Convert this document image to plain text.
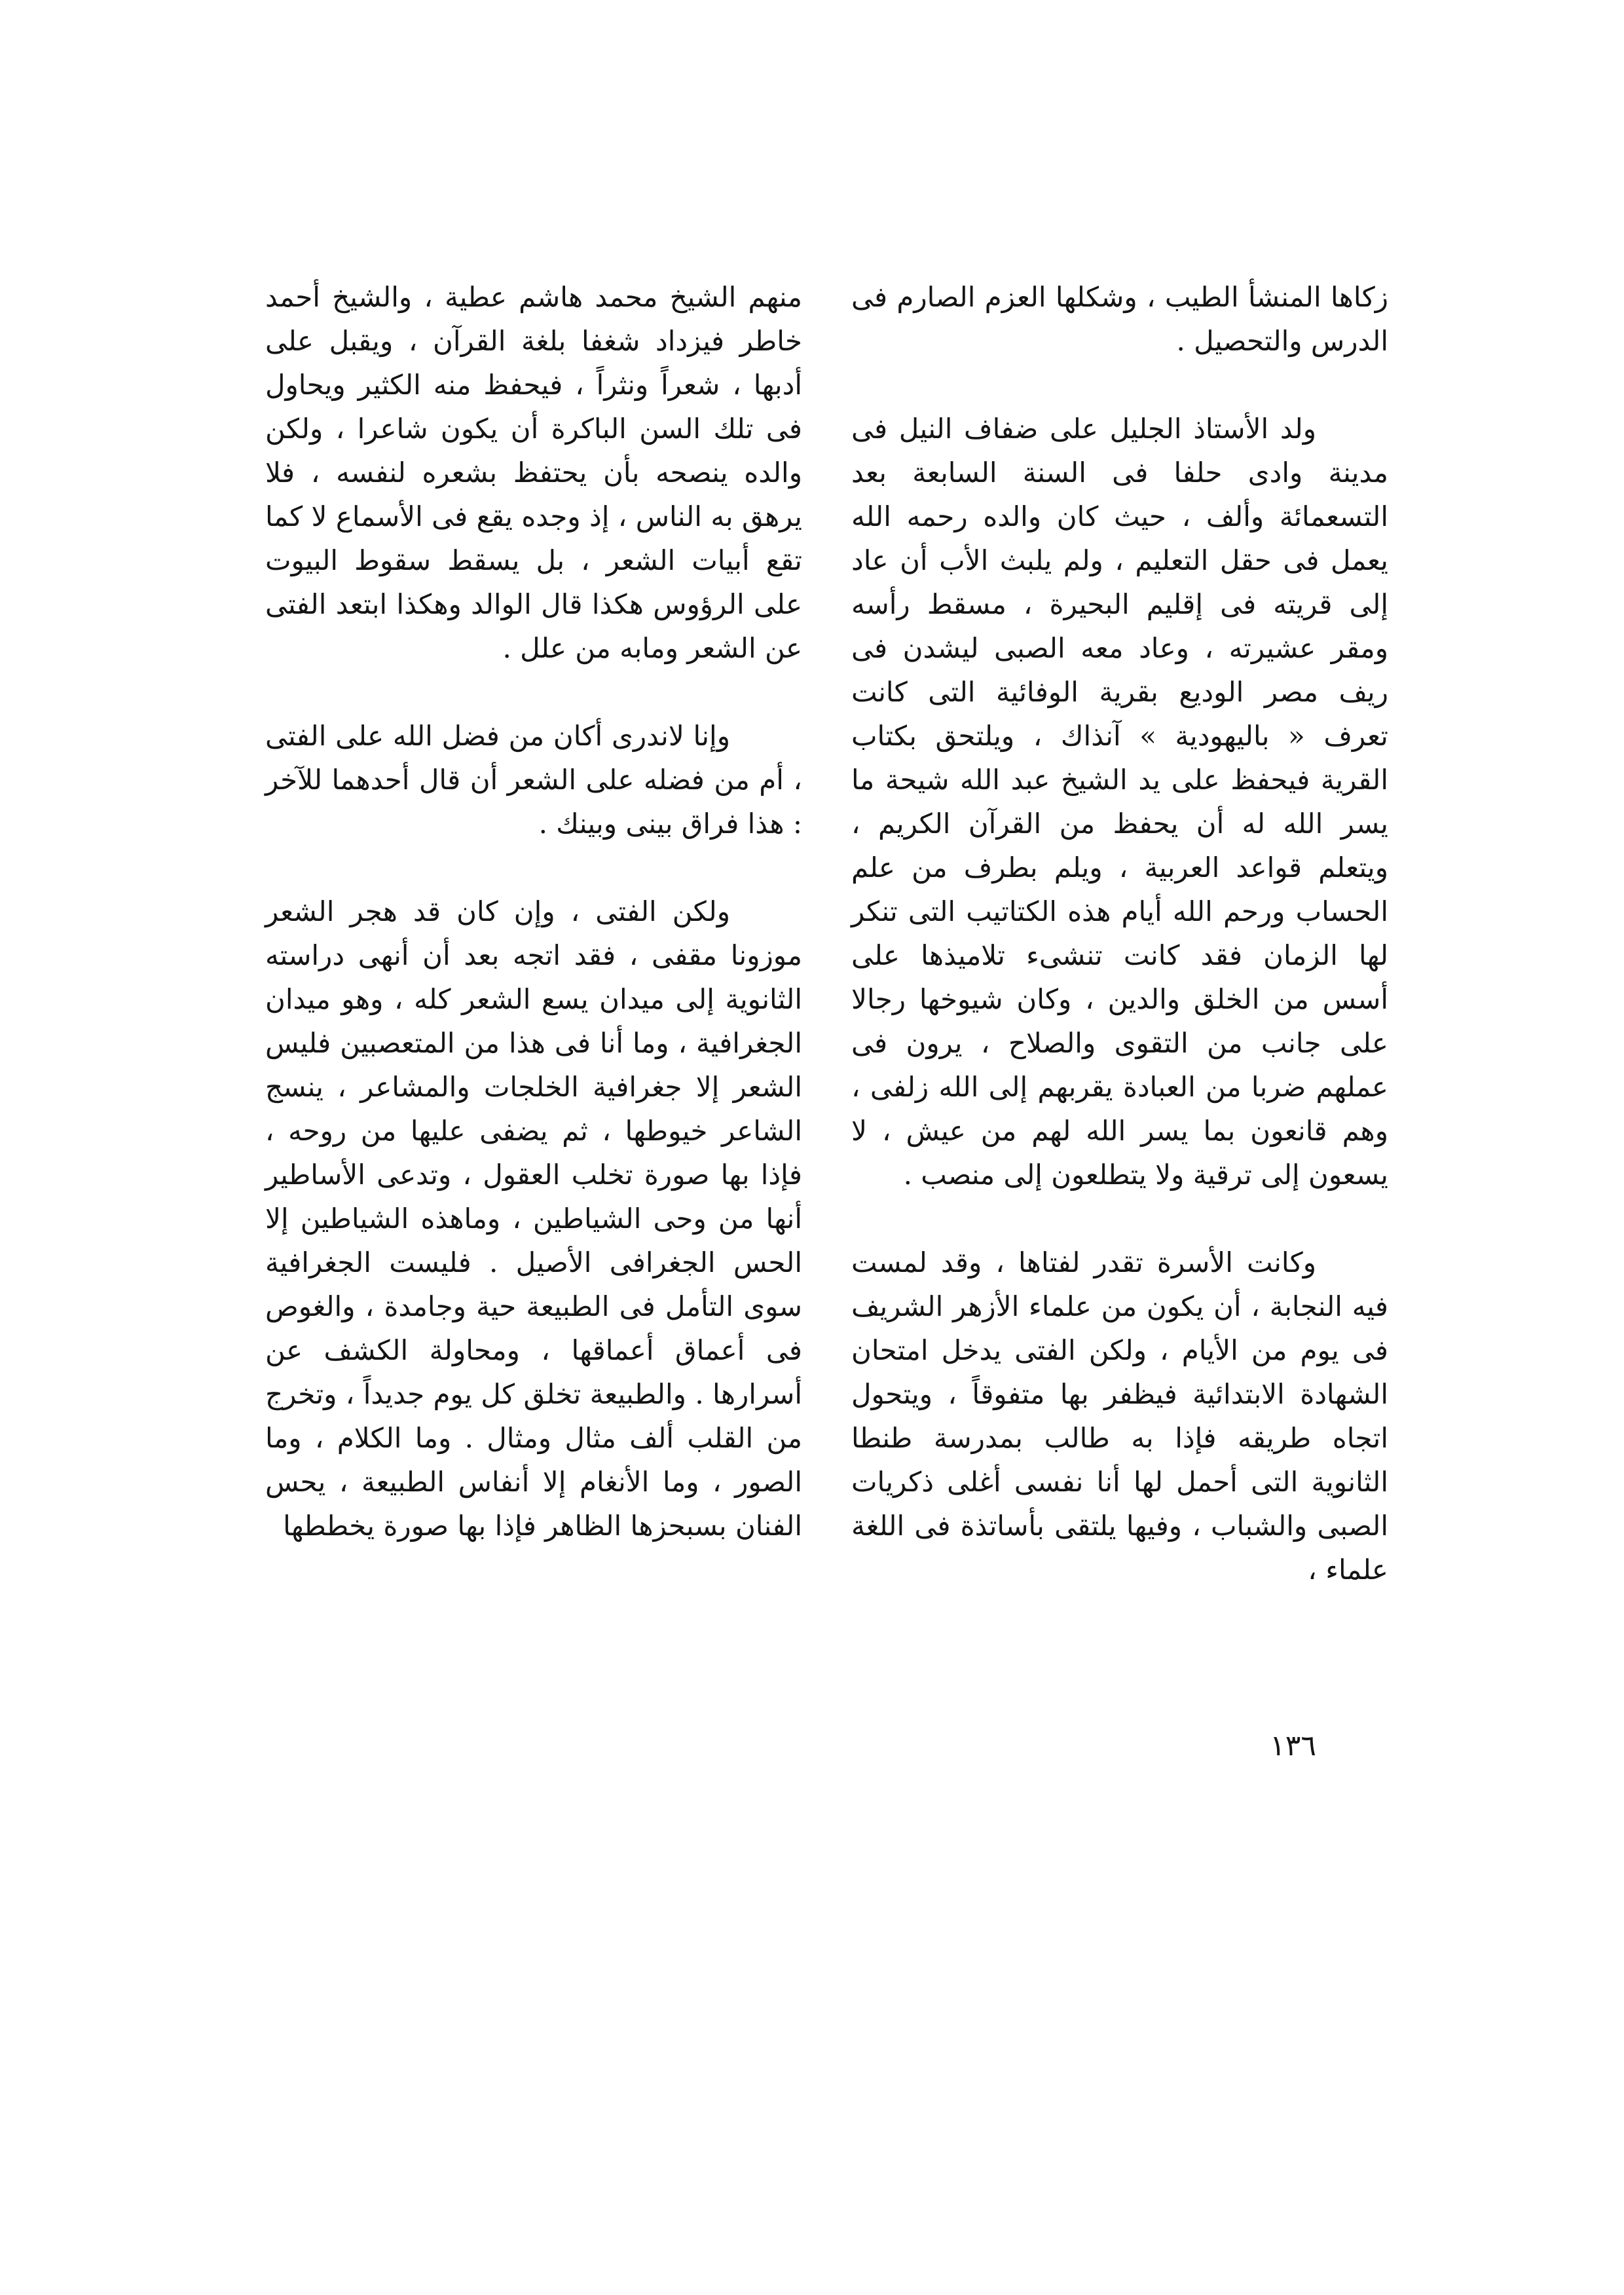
زكاها المنشأ الطيب ، وشكلها العزم الصارم فى الدرس والتحصيل .

ولد الأستاذ الجليل على ضفاف النيل فى مدينة وادى حلفا فى السنة السابعة بعد التسعمائة وألف ، حيث كان والده رحمه الله يعمل فى حقل التعليم ، ولم يلبث الأب أن عاد إلى قريته فى إقليم البحيرة ، مسقط رأسه ومقر عشيرته ، وعاد معه الصبى ليشدن فى ريف مصر الوديع بقرية الوفائية التى كانت تعرف « باليهودية » آنذاك ، ويلتحق بكتاب القرية فيحفظ على يد الشيخ عبد الله شيحة ما يسر الله له أن يحفظ من القرآن الكريم ، ويتعلم قواعد العربية ، ويلم بطرف من علم الحساب ورحم الله أيام هذه الكتاتيب التى تنكر لها الزمان فقد كانت تنشىء تلاميذها على أسس من الخلق والدين ، وكان شيوخها رجالا على جانب من التقوى والصلاح ، يرون فى عملهم ضربا من العبادة يقربهم إلى الله زلفى ، وهم قانعون بما يسر الله لهم من عيش ، لا يسعون إلى ترقية ولا يتطلعون إلى منصب .

وكانت الأسرة تقدر لفتاها ، وقد لمست فيه النجابة ، أن يكون من علماء الأزهر الشريف فى يوم من الأيام ، ولكن الفتى يدخل امتحان الشهادة الابتدائية فيظفر بها متفوقاً ، ويتحول اتجاه طريقه فإذا به طالب بمدرسة طنطا الثانوية التى أحمل لها أنا نفسى أغلى ذكريات الصبى والشباب ، وفيها يلتقى بأساتذة فى اللغة علماء ،

منهم الشيخ محمد هاشم عطية ، والشيخ أحمد خاطر فيزداد شغفا بلغة القرآن ، ويقبل على أدبها ، شعراً ونثراً ، فيحفظ منه الكثير ويحاول فى تلك السن الباكرة أن يكون شاعرا ، ولكن والده ينصحه بأن يحتفظ بشعره لنفسه ، فلا يرهق به الناس ، إذ وجده يقع فى الأسماع لا كما تقع أبيات الشعر ، بل يسقط سقوط البيوت على الرؤوس هكذا قال الوالد وهكذا ابتعد الفتى عن الشعر ومابه من علل .

وإنا لاندرى أكان من فضل الله على الفتى ، أم من فضله على الشعر أن قال أحدهما للآخر : هذا فراق بينى وبينك .

ولكن الفتى ، وإن كان قد هجر الشعر موزونا مقفى ، فقد اتجه بعد أن أنهى دراسته الثانوية إلى ميدان يسع الشعر كله ، وهو ميدان الجغرافية ، وما أنا فى هذا من المتعصبين فليس الشعر إلا جغرافية الخلجات والمشاعر ، ينسج الشاعر خيوطها ، ثم يضفى عليها من روحه ، فإذا بها صورة تخلب العقول ، وتدعى الأساطير أنها من وحى الشياطين ، وماهذه الشياطين إلا الحس الجغرافى الأصيل . فليست الجغرافية سوى التأمل فى الطبيعة حية وجامدة ، والغوص فى أعماق أعماقها ، ومحاولة الكشف عن أسرارها . والطبيعة تخلق كل يوم جديداً ، وتخرج من القلب ألف مثال ومثال . وما الكلام ، وما الصور ، وما الأنغام إلا أنفاس الطبيعة ، يحس الفنان بسبحزها الظاهر فإذا بها صورة يخططها

١٣٦
